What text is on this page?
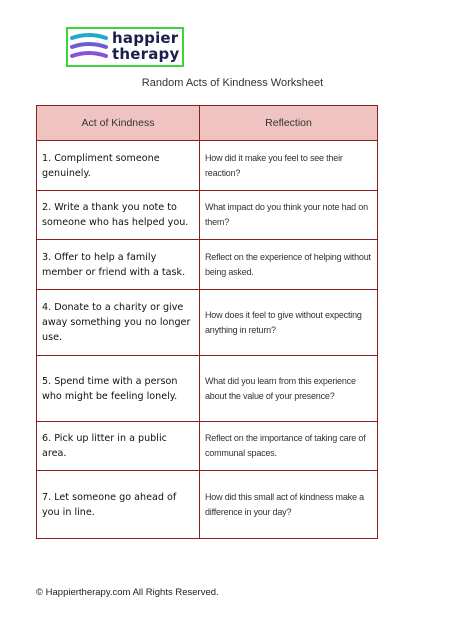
happier
therapy
Random Acts of Kindness Worksheet
Act of Kindness	Reflection
1. Compliment someone genuinely.	How did it make you feel to see their reaction?
2. Write a thank you note to someone who has helped you.	What impact do you think your note had on them?
3. Offer to help a family member or friend with a task.	Reflect on the experience of helping without being asked.
4. Donate to a charity or give away something you no longer use.	How does it feel to give without expecting anything in return?
5. Spend time with a person who might be feeling lonely.	What did you learn from this experience about the value of your presence?
6. Pick up litter in a public area.	Reflect on the importance of taking care of communal spaces.
7. Let someone go ahead of you in line.	How did this small act of kindness make a difference in your day?
© Happiertherapy.com All Rights Reserved.
